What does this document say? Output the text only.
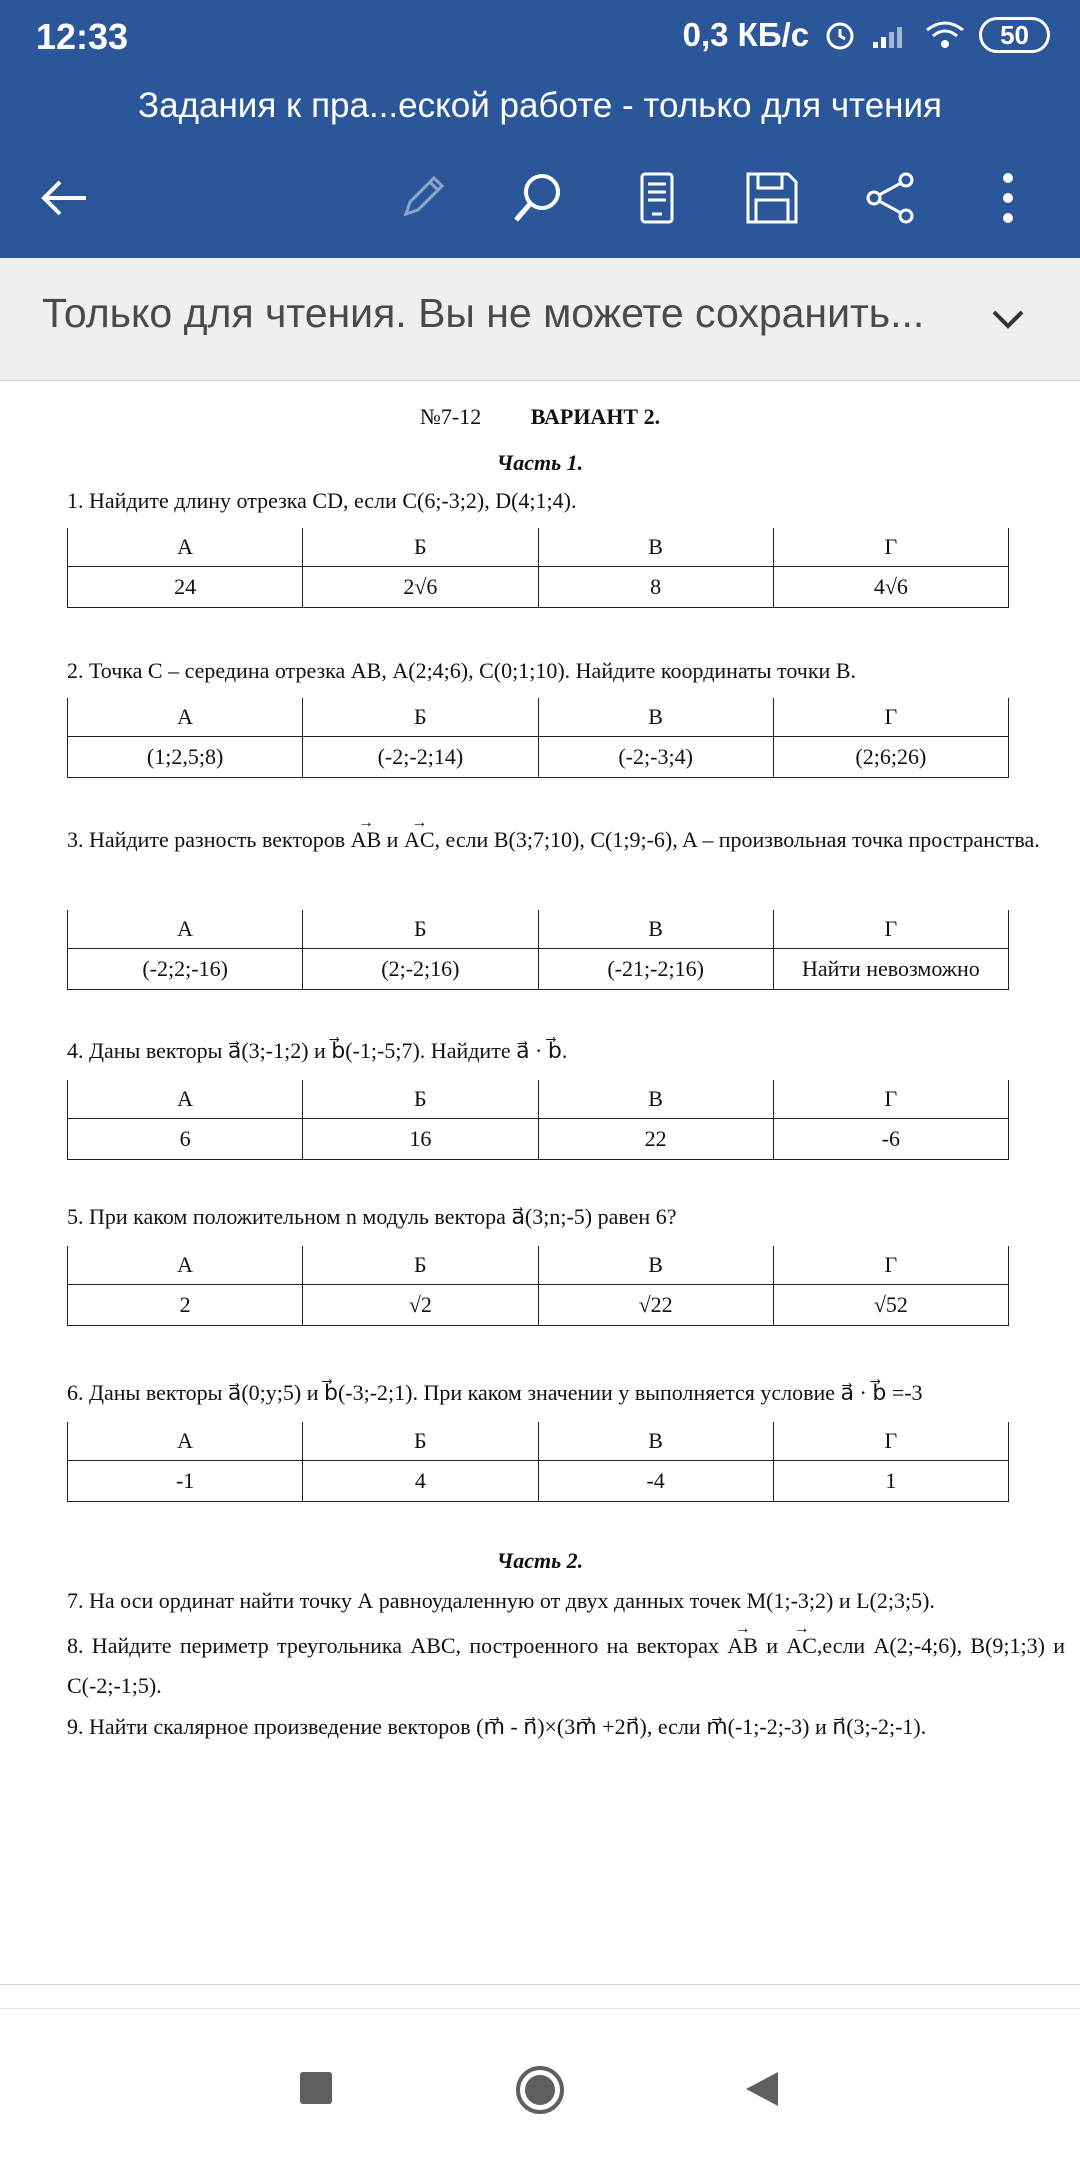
12:33	0,3 КБ/с	50
Задания к пра...еской работе - только для чтения
Только для чтения. Вы не можете сохранить...
№7-12 ВАРИАНТ 2.
Часть 1.
1. Найдите длину отрезка CD, если C(6;-3;2), D(4;1;4).
А	Б	В	Г
24	2√6	8	4√6
2. Точка С – середина отрезка АВ, А(2;4;6), С(0;1;10). Найдите координаты точки В.
А	Б	В	Г
(1;2,5;8)	(-2;-2;14)	(-2;-3;4)	(2;6;26)
3. Найдите разность векторов → AB и → AC, если B(3;7;10), C(1;9;-6), A – произвольная точка пространства.
А	Б	В	Г
(-2;2;-16)	(2;-2;16)	(-21;-2;16)	Найти невозможно
4. Даны векторы a⃗(3;-1;2) и b⃗(-1;-5;7). Найдите a⃗ · b⃗.
А	Б	В	Г
6	16	22	-6
5. При каком положительном n модуль вектора a⃗(3;n;-5) равен 6?
А	Б	В	Г
2	√2	√22	√52
6. Даны векторы a⃗(0;y;5) и b⃗(-3;-2;1). При каком значении y выполняется условие a⃗ · b⃗ =-3
А	Б	В	Г
-1	4	-4	1
Часть 2.
7. На оси ординат найти точку А равноудаленную от двух данных точек М(1;-3;2) и L(2;3;5).
8. Найдите периметр треугольника АВС, построенного на векторах → AB и → AC,если А(2;-4;6), В(9;1;3) и С(-2;-1;5).
9. Найти скалярное произведение векторов (m⃗ - n⃗)×(3m⃗ +2n⃗), если m⃗(-1;-2;-3) и n⃗(3;-2;-1).
